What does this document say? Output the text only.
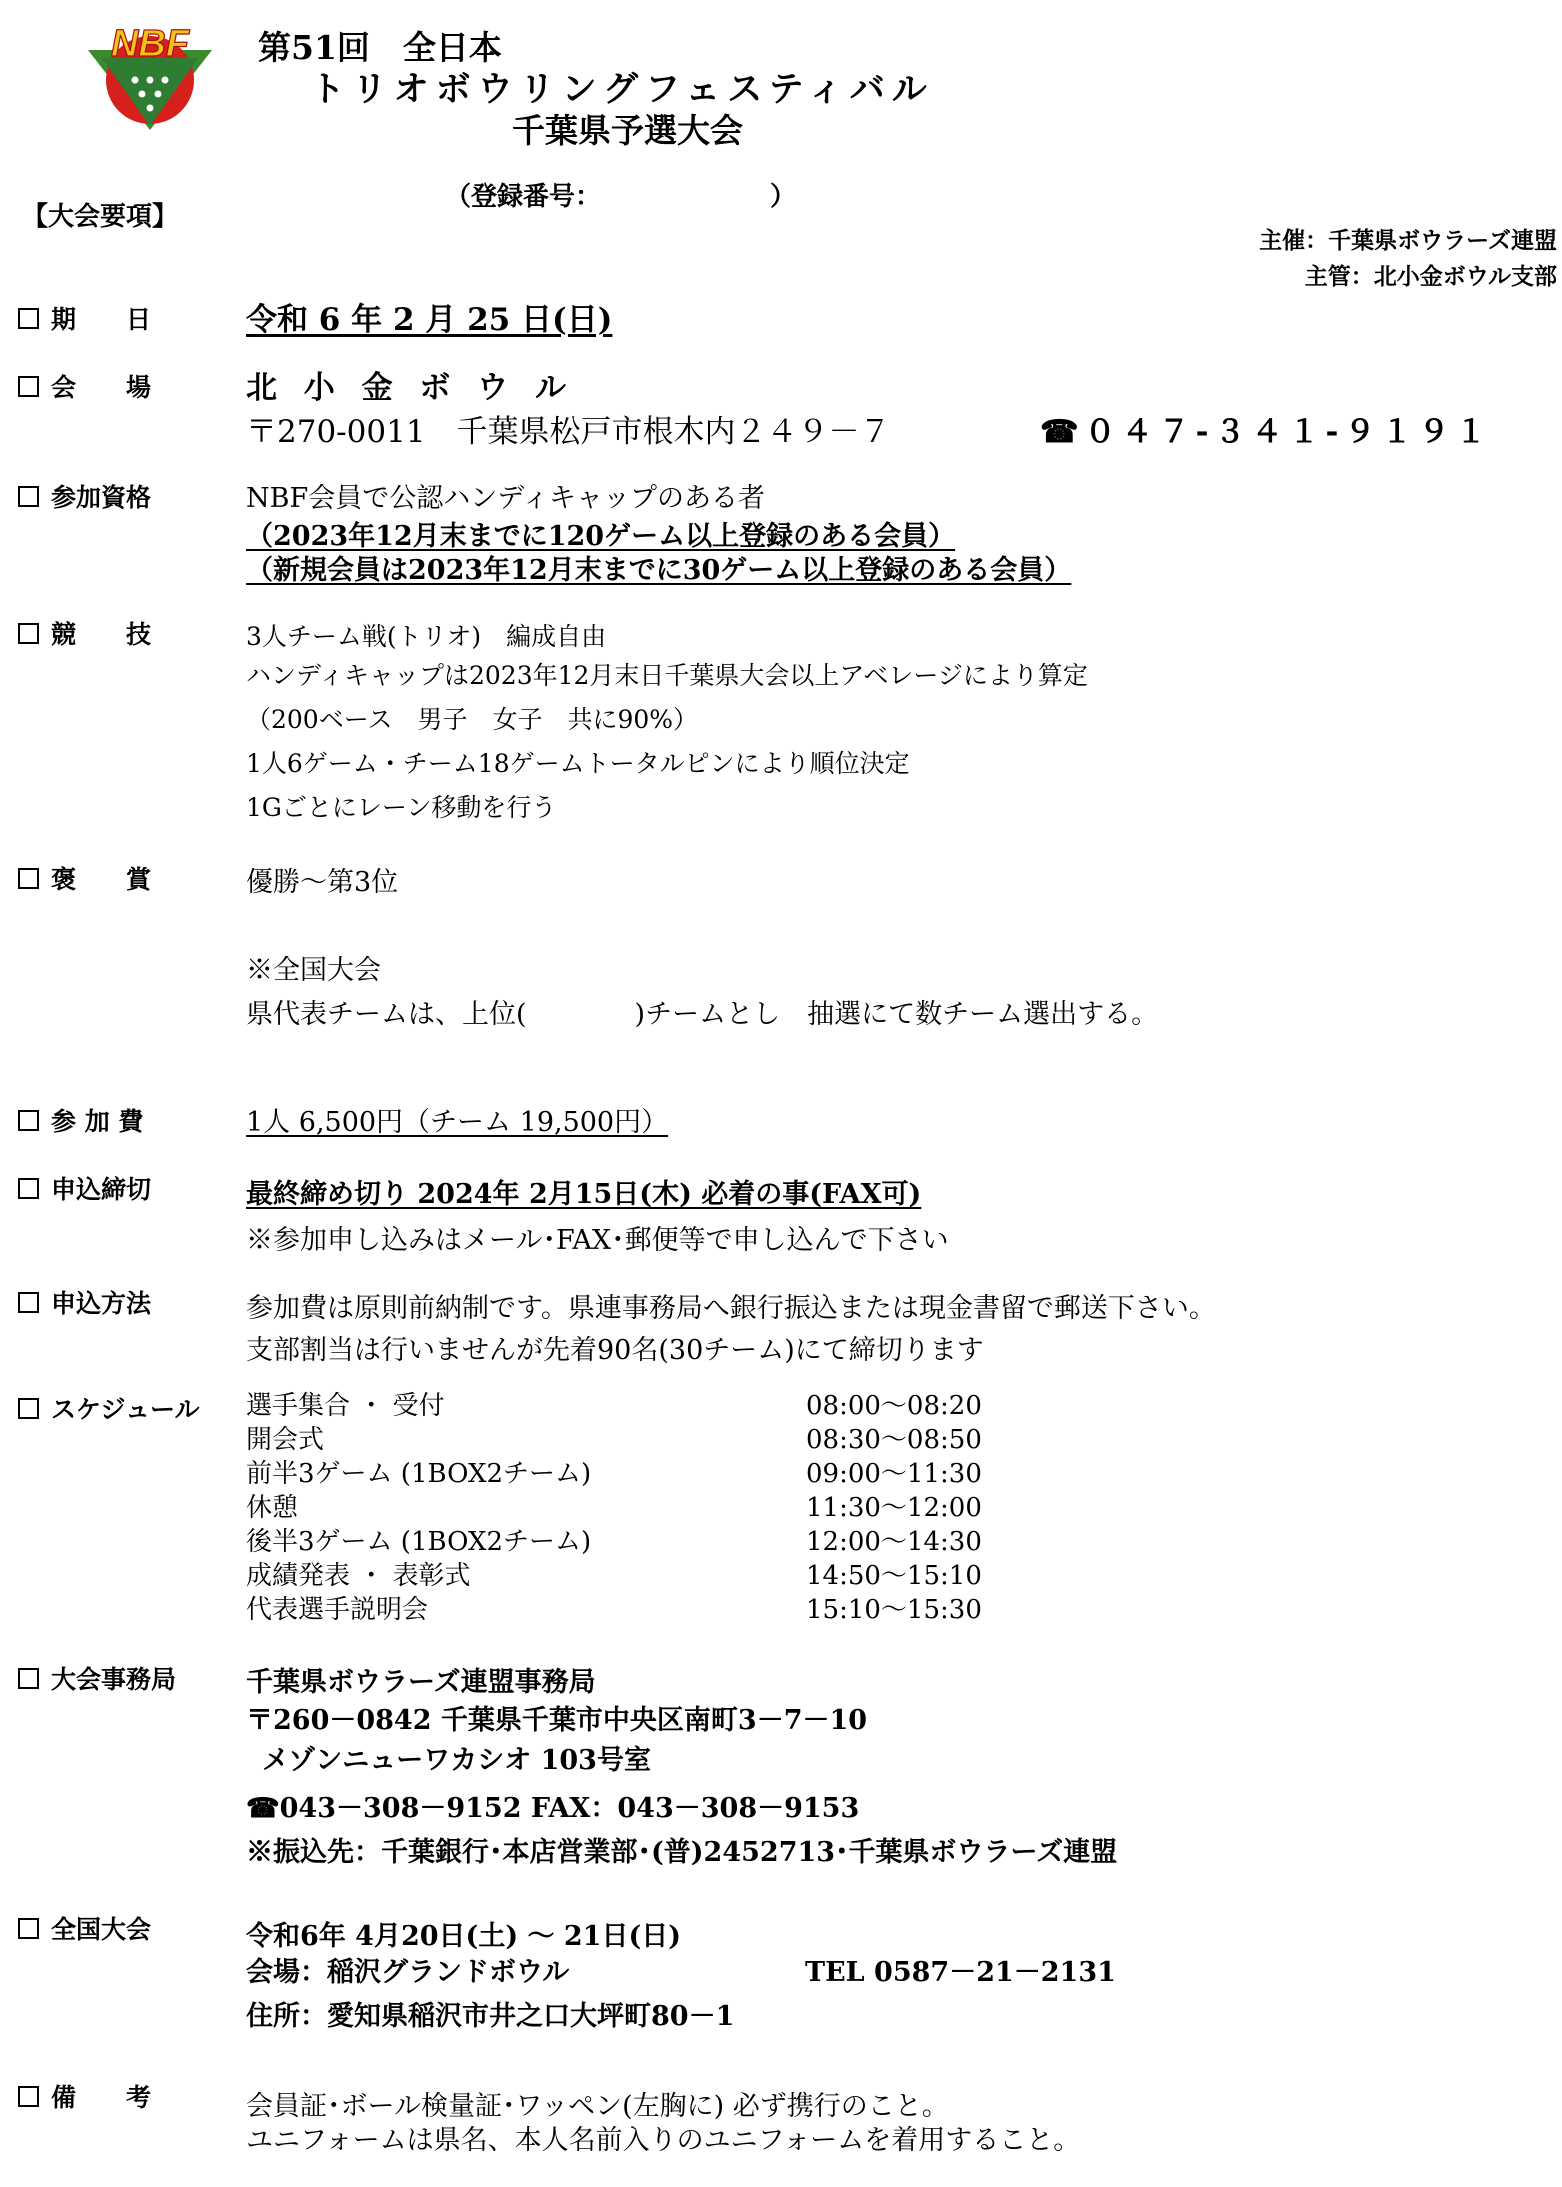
NBF 第51回　全日本
トリオボウリングフェスティバル
千葉県予選大会
【大会要項】
（登録番号：　　　　　　　）
主催：千葉県ボウラーズ連盟
主管：北小金ボウル支部
期　　日	令和 6 年 2 月 25 日(日)
会　　場	北 小 金 ボ ウ ル
〒270-0011　千葉県松戸市根木内２４９－７	☎０４７-３４１-９１９１
参加資格	NBF会員で公認ハンディキャップのある者
（2023年12月末までに120ゲーム以上登録のある会員）
（新規会員は2023年12月末までに30ゲーム以上登録のある会員）
競　　技	3人チーム戦(トリオ)　編成自由
ハンディキャップは2023年12月末日千葉県大会以上アベレージにより算定
（200ベース　男子　女子　共に90%）
1人6ゲーム・チーム18ゲームトータルピンにより順位決定
1Gごとにレーン移動を行う
褒　　賞	優勝～第3位
※全国大会
県代表チームは、上位(　　　　)チームとし　抽選にて数チーム選出する。
参 加 費	1人 6,500円（チーム 19,500円）
申込締切	最終締め切り 2024年 2月15日(木) 必着の事(FAX可)
※参加申し込みはメール･FAX･郵便等で申し込んで下さい
申込方法	参加費は原則前納制です。県連事務局へ銀行振込または現金書留で郵送下さい。
支部割当は行いませんが先着90名(30チーム)にて締切ります
スケジュール 選手集合 ・ 受付	08:00～08:20
開会式	08:30～08:50
前半3ゲーム (1BOX2チーム)	09:00～11:30
休憩	11:30～12:00
後半3ゲーム (1BOX2チーム)	12:00～14:30
成績発表 ・ 表彰式	14:50～15:10
代表選手説明会	15:10～15:30
大会事務局	千葉県ボウラーズ連盟事務局
〒260－0842 千葉県千葉市中央区南町3－7－10
メゾンニューワカシオ 103号室
☎043－308－9152 FAX：043－308－9153
※振込先：千葉銀行･本店営業部･(普)2452713･千葉県ボウラーズ連盟
全国大会	令和6年 4月20日(土) ～ 21日(日)
会場：稲沢グランドボウル	TEL 0587－21－2131
住所：愛知県稲沢市井之口大坪町80－1
備　　考	会員証･ボール検量証･ワッペン(左胸に) 必ず携行のこと。
ユニフォームは県名、本人名前入りのユニフォームを着用すること。
